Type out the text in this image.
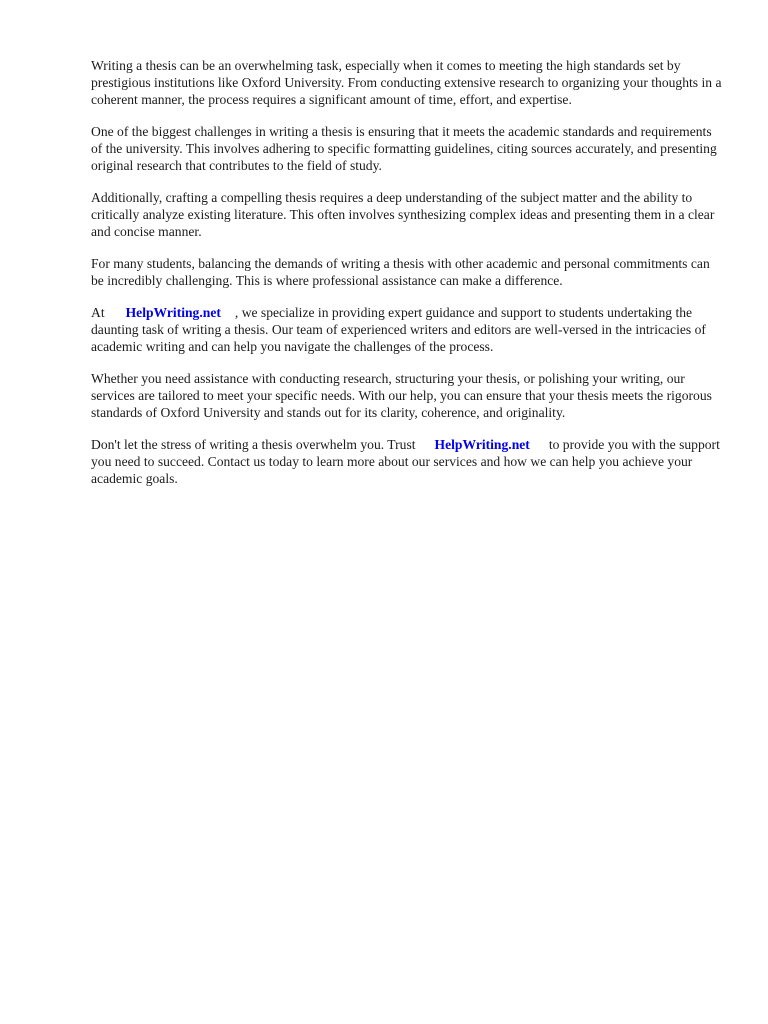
Writing a thesis can be an overwhelming task, especially when it comes to meeting the high standards set by prestigious institutions like Oxford University. From conducting extensive research to organizing your thoughts in a coherent manner, the process requires a significant amount of time, effort, and expertise.

One of the biggest challenges in writing a thesis is ensuring that it meets the academic standards and requirements of the university. This involves adhering to specific formatting guidelines, citing sources accurately, and presenting original research that contributes to the field of study.

Additionally, crafting a compelling thesis requires a deep understanding of the subject matter and the ability to critically analyze existing literature. This often involves synthesizing complex ideas and presenting them in a clear and concise manner.

For many students, balancing the demands of writing a thesis with other academic and personal commitments can be incredibly challenging. This is where professional assistance can make a difference.

At HelpWriting.net , we specialize in providing expert guidance and support to students undertaking the daunting task of writing a thesis. Our team of experienced writers and editors are well-versed in the intricacies of academic writing and can help you navigate the challenges of the process.

Whether you need assistance with conducting research, structuring your thesis, or polishing your writing, our services are tailored to meet your specific needs. With our help, you can ensure that your thesis meets the rigorous standards of Oxford University and stands out for its clarity, coherence, and originality.

Don't let the stress of writing a thesis overwhelm you. Trust HelpWriting.net to provide you with the support you need to succeed. Contact us today to learn more about our services and how we can help you achieve your academic goals.
